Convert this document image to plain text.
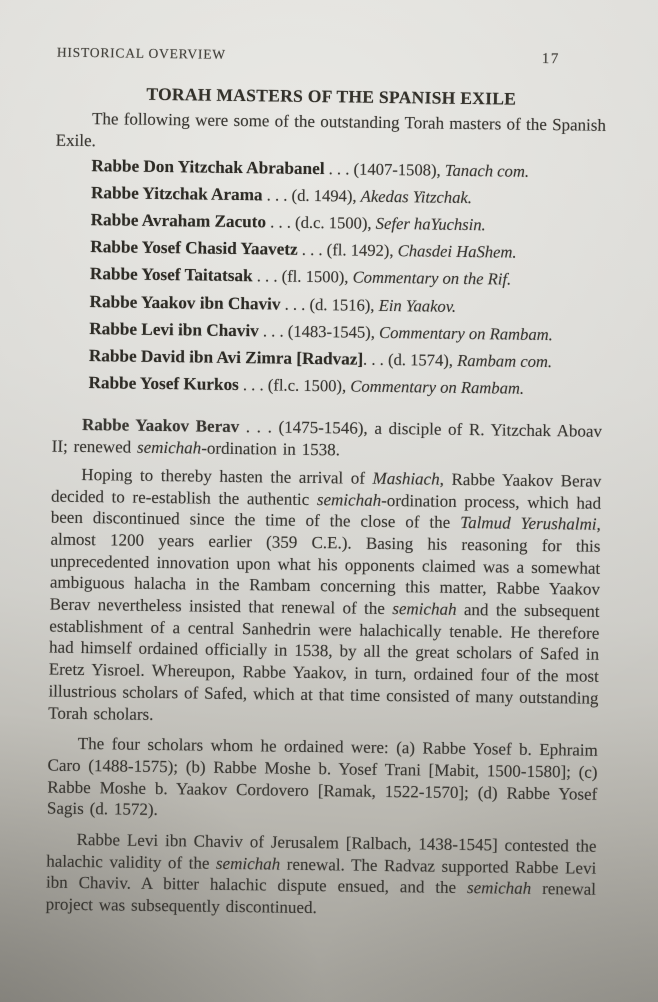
HISTORICAL OVERVIEW	17
TORAH MASTERS OF THE SPANISH EXILE

The following were some of the outstanding Torah masters of the Spanish Exile.

Rabbe Don Yitzchak Abrabanel . . . (1407-1508), Tanach com.
Rabbe Yitzchak Arama . . . (d. 1494), Akedas Yitzchak.
Rabbe Avraham Zacuto . . . (d.c. 1500), Sefer haYuchsin.
Rabbe Yosef Chasid Yaavetz . . . (fl. 1492), Chasdei HaShem.
Rabbe Yosef Taitatsak . . . (fl. 1500), Commentary on the Rif.
Rabbe Yaakov ibn Chaviv . . . (d. 1516), Ein Yaakov.
Rabbe Levi ibn Chaviv . . . (1483-1545), Commentary on Rambam.
Rabbe David ibn Avi Zimra [Radvaz]. . . (d. 1574), Rambam com.
Rabbe Yosef Kurkos . . . (fl.c. 1500), Commentary on Rambam.

Rabbe Yaakov Berav . . . (1475-1546), a disciple of R. Yitzchak Aboav II; renewed semichah-ordination in 1538.

Hoping to thereby hasten the arrival of Mashiach, Rabbe Yaakov Berav decided to re-establish the authentic semichah-ordination process, which had been discontinued since the time of the close of the Talmud Yerushalmi, almost 1200 years earlier (359 C.E.). Basing his reasoning for this unprecedented innovation upon what his opponents claimed was a somewhat ambiguous halacha in the Rambam concerning this matter, Rabbe Yaakov Berav nevertheless insisted that renewal of the semichah and the subsequent establishment of a central Sanhedrin were halachically tenable. He therefore had himself ordained officially in 1538, by all the great scholars of Safed in Eretz Yisroel. Whereupon, Rabbe Yaakov, in turn, ordained four of the most illustrious scholars of Safed, which at that time consisted of many outstanding Torah scholars.

The four scholars whom he ordained were: (a) Rabbe Yosef b. Ephraim Caro (1488-1575); (b) Rabbe Moshe b. Yosef Trani [Mabit, 1500-1580]; (c) Rabbe Moshe b. Yaakov Cordovero [Ramak, 1522-1570]; (d) Rabbe Yosef Sagis (d. 1572).

Rabbe Levi ibn Chaviv of Jerusalem [Ralbach, 1438-1545] contested the halachic validity of the semichah renewal. The Radvaz supported Rabbe Levi ibn Chaviv. A bitter halachic dispute ensued, and the semichah renewal project was subsequently discontinued.
